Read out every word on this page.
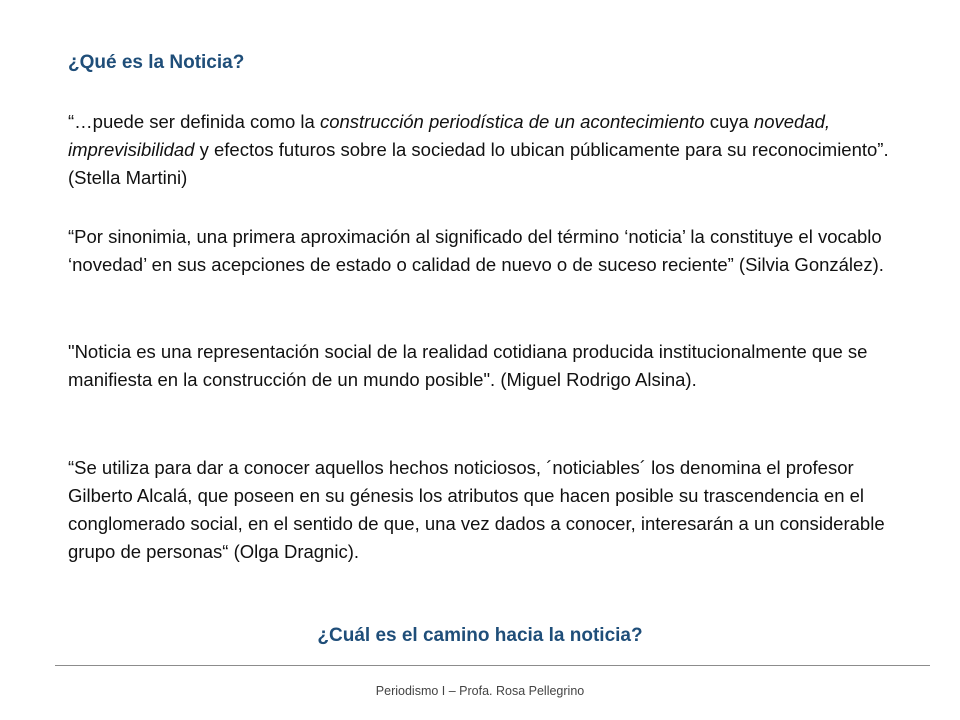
¿Qué es la Noticia?

“…puede ser definida como la construcción periodística de un acontecimiento cuya novedad, imprevisibilidad y efectos futuros sobre la sociedad lo ubican públicamente para su reconocimiento”. (Stella Martini)

“Por sinonimia, una primera aproximación al significado del término ‘noticia’ la constituye el vocablo ‘novedad’ en sus acepciones de estado o calidad de nuevo o de suceso reciente” (Silvia González).

"Noticia es una representación social de la realidad cotidiana producida institucionalmente que se manifiesta en la construcción de un mundo posible". (Miguel Rodrigo Alsina).

“Se utiliza para dar a conocer aquellos hechos noticiosos, ´noticiables´ los denomina el profesor Gilberto Alcalá, que poseen en su génesis los atributos que hacen posible su trascendencia en el conglomerado social, en el sentido de que, una vez dados a conocer, interesarán a un considerable grupo de personas“ (Olga Dragnic).

¿Cuál es el camino hacia la noticia?

Periodismo I – Profa. Rosa Pellegrino
